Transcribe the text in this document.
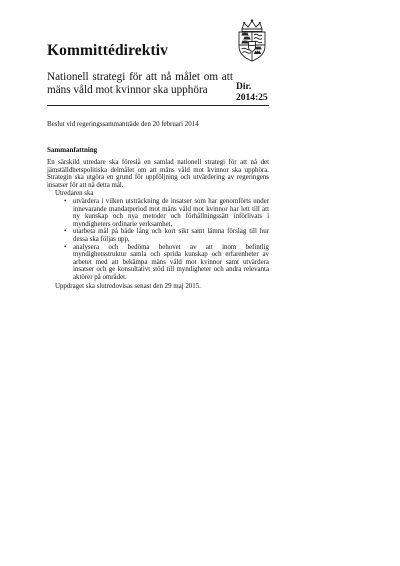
Kommittédirektiv

Nationell strategi för att nå målet om att mäns våld mot kvinnor ska upphöra	Dir.

2014:25

Beslut vid regeringssammanträde den 20 februari 2014

Sammanfattning

En särskild utredare ska föreslå en samlad nationell strategi för att nå det jämställdhetspolitiska delmålet om att mäns våld mot kvinnor ska upphöra. Strategin ska utgöra en grund för uppföljning och utvärdering av regeringens insatser för att nå detta mål.

Utredaren ska

• utvärdera i vilken utsträckning de insatser som har genomförts under innevarande mandatperiod mot mäns våld mot kvinnor har lett till att ny kunskap och nya metoder och förhållningssätt införlivats i myndigheters ordinarie verksamhet,
• utarbeta mål på både lång och kort sikt samt lämna förslag till hur dessa ska följas upp,
• analysera och bedöma behovet av att inom befintlig myndighetsstruktur samla och sprida kunskap och erfarenheter av arbetet med att bekämpa mäns våld mot kvinnor samt utvärdera insatser och ge konsultativt stöd till myndigheter och andra relevanta aktörer på området.

Uppdraget ska slutredovisas senast den 29 maj 2015.
